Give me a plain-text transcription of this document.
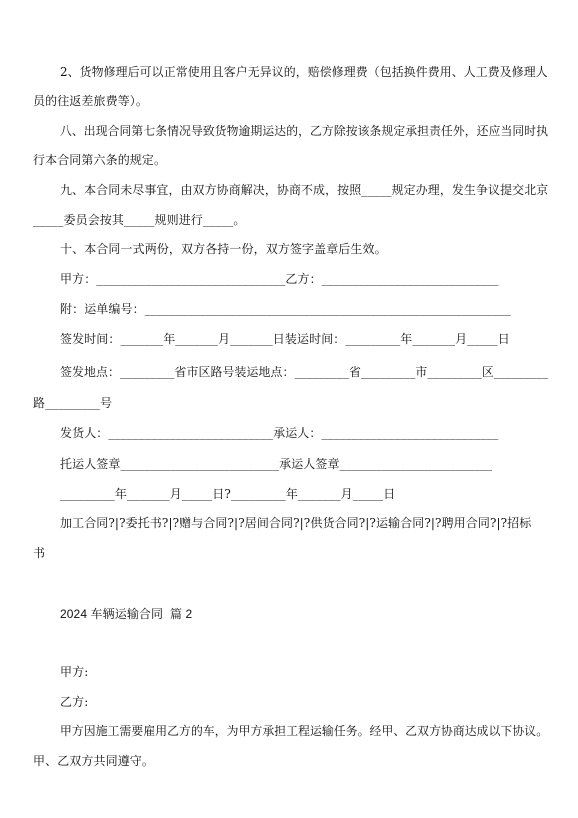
2、货物修理后可以正常使用且客户无异议的，赔偿修理费（包括换件费用、人工费及修理人
员的往返差旅费等）。
八、出现合同第七条情况导致货物逾期运达的，乙方除按该条规定承担责任外，还应当同时执
行本合同第六条的规定。
九、本合同未尽事宜，由双方协商解决，协商不成，按照_____规定办理，发生争议提交北京
_____委员会按其_____规则进行_____。
十、本合同一式两份，双方各持一份，双方签字盖章后生效。
甲方：_______________________________乙方：_____________________________
附：运单编号：____________________________________________________________
签发时间：_______年_______月_______日装运时间：_________年_______月_____日
签发地点：_________省市区路号装运地点：_________省_________市_________区_________
路_________号
发货人：___________________________承运人：_____________________________
托运人签章__________________________承运人签章_________________________
_________年_______月_____日?_________年_______月_____日
加工合同?|?委托书?|?赠与合同?|?居间合同?|?供货合同?|?运输合同?|?聘用合同?|?招标
书
2024 车辆运输合同  篇 2
甲方:
乙方:
甲方因施工需要雇用乙方的车，为甲方承担工程运输任务。经甲、乙双方协商达成以下协议。
甲、乙双方共同遵守。
